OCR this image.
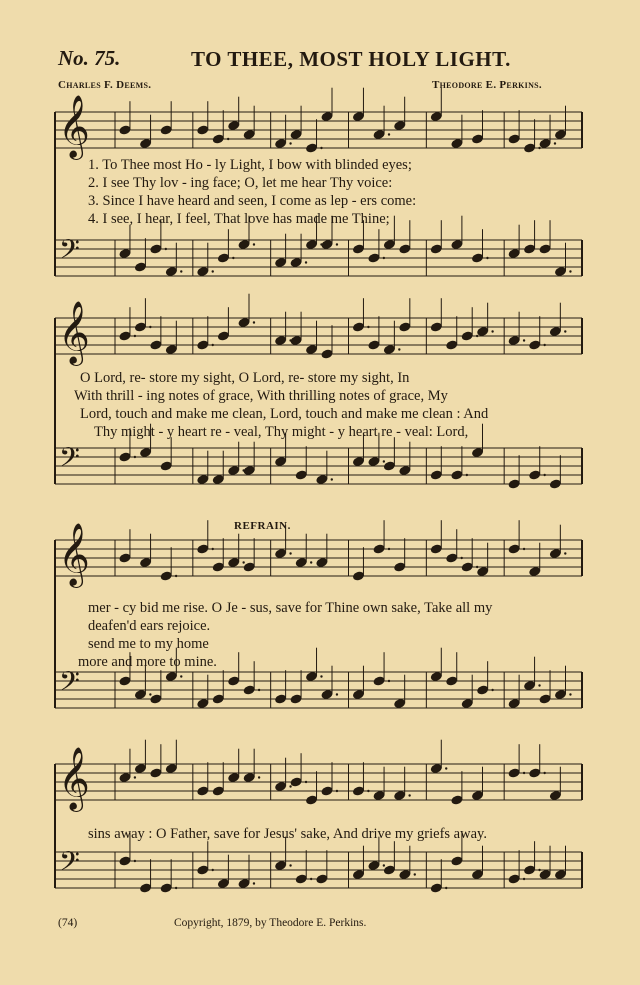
𝄞
𝄢
𝄞
𝄢
𝄞
𝄢
𝄞
𝄢
No. 75.	TO THEE, MOST HOLY LIGHT.
Charles F. Deems.	Theodore E. Perkins.
1. To Thee most Ho - ly Light, I bow with blinded eyes;
2. I see Thy lov - ing face; O, let me hear Thy voice:
3. Since I have heard and seen, I come as lep - ers come:
4. I see, I hear, I feel, That love has made me Thine;
O Lord, re- store my sight, O Lord, re- store my sight, In
With thrill - ing notes of grace, With thrilling notes of grace, My
Lord, touch and make me clean, Lord, touch and make me clean : And
Thy might - y heart re - veal, Thy might - y heart re - veal: Lord,
REFRAIN.
mer - cy bid me rise. O Je - sus, save for Thine own sake, Take all my
deafen'd ears rejoice.
send me to my home
more and more to mine.
sins away : O Father, save for Jesus' sake, And drive my griefs away.
(74)	Copyright, 1879, by Theodore E. Perkins.
